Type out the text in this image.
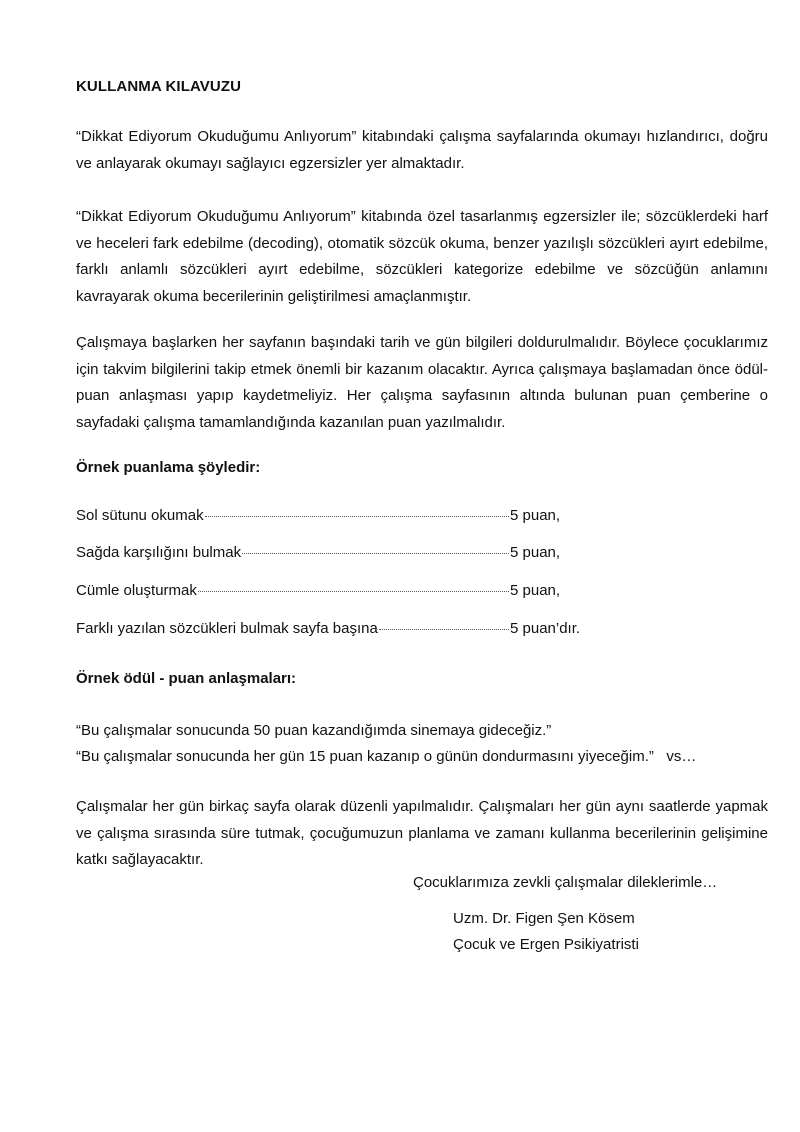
KULLANMA KILAVUZU

“Dikkat Ediyorum Okuduğumu Anlıyorum” kitabındaki çalışma sayfalarında okumayı hızlandırıcı, doğru ve anlayarak okumayı sağlayıcı egzersizler yer almaktadır.

“Dikkat Ediyorum Okuduğumu Anlıyorum” kitabında özel tasarlanmış egzersizler ile; sözcüklerdeki harf ve heceleri fark edebilme (decoding), otomatik sözcük okuma, benzer yazılışlı sözcükleri ayırt edebilme, farklı anlamlı sözcükleri ayırt edebilme, sözcükleri kategorize edebilme ve sözcüğün anlamını kavrayarak okuma becerilerinin geliştirilmesi amaçlanmıştır.

Çalışmaya başlarken her sayfanın başındaki tarih ve gün bilgileri doldurulmalıdır. Böylece çocuklarımız için takvim bilgilerini takip etmek önemli bir kazanım olacaktır. Ayrıca çalışmaya başlamadan önce ödül-puan anlaşması yapıp kaydetmeliyiz. Her çalışma sayfasının altında bulunan puan çemberine o sayfadaki çalışma tamamlandığında kazanılan puan yazılmalıdır.

Örnek puanlama şöyledir:
Sol sütunu okumak	5 puan,
Sağda karşılığını bulmak	5 puan,
Cümle oluşturmak	5 puan,
Farklı yazılan sözcükleri bulmak sayfa başına	5 puan’dır.
Örnek ödül - puan anlaşmaları:

“Bu çalışmalar sonucunda 50 puan kazandığımda sinemaya gideceğiz.”

“Bu çalışmalar sonucunda her gün 15 puan kazanıp o günün dondurmasını yiyeceğim.”   vs…

Çalışmalar her gün birkaç sayfa olarak düzenli yapılmalıdır. Çalışmaları her gün aynı saatlerde yapmak ve çalışma sırasında süre tutmak, çocuğumuzun planlama ve zamanı kullanma becerilerinin gelişimine katkı sağlayacaktır.

Çocuklarımıza zevkli çalışmalar dileklerimle…

Uzm. Dr. Figen Şen Kösem

Çocuk ve Ergen Psikiyatristi
